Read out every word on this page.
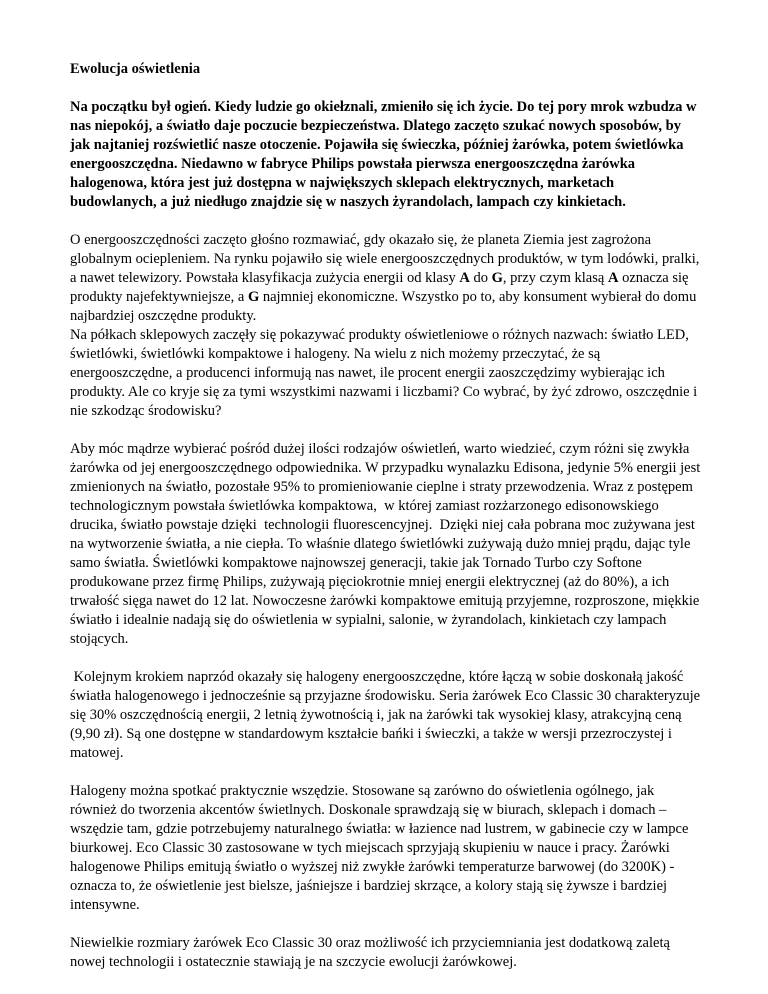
Ewolucja oświetlenia

Na początku był ogień. Kiedy ludzie go okiełznali, zmieniło się ich życie. Do tej pory mrok wzbudza w nas niepokój, a światło daje poczucie bezpieczeństwa. Dlatego zaczęto szukać nowych sposobów, by jak najtaniej rozświetlić nasze otoczenie. Pojawiła się świeczka, później żarówka, potem świetlówka energooszczędna. Niedawno w fabryce Philips powstała pierwsza energooszczędna żarówka halogenowa, która jest już dostępna w największych sklepach elektrycznych, marketach budowlanych, a już niedługo znajdzie się w naszych żyrandolach, lampach czy kinkietach.

O energooszczędności zaczęto głośno rozmawiać, gdy okazało się, że planeta Ziemia jest zagrożona globalnym ociepleniem. Na rynku pojawiło się wiele energooszczędnych produktów, w tym lodówki, pralki, a nawet telewizory. Powstała klasyfikacja zużycia energii od klasy A do G, przy czym klasą A oznacza się produkty najefektywniejsze, a G najmniej ekonomiczne. Wszystko po to, aby konsument wybierał do domu najbardziej oszczędne produkty.
Na półkach sklepowych zaczęły się pokazywać produkty oświetleniowe o różnych nazwach: światło LED, świetlówki, świetlówki kompaktowe i halogeny. Na wielu z nich możemy przeczytać, że są energooszczędne, a producenci informują nas nawet, ile procent energii zaoszczędzimy wybierając ich produkty. Ale co kryje się za tymi wszystkimi nazwami i liczbami? Co wybrać, by żyć zdrowo, oszczędnie i nie szkodząc środowisku?

Aby móc mądrze wybierać pośród dużej ilości rodzajów oświetleń, warto wiedzieć, czym różni się zwykła żarówka od jej energooszczędnego odpowiednika. W przypadku wynalazku Edisona, jedynie 5% energii jest zmienionych na światło, pozostałe 95% to promieniowanie cieplne i straty przewodzenia. Wraz z postępem technologicznym powstała świetlówka kompaktowa,  w której zamiast rozżarzonego edisonowskiego drucika, światło powstaje dzięki  technologii fluorescencyjnej.  Dzięki niej cała pobrana moc zużywana jest na wytworzenie światła, a nie ciepła. To właśnie dlatego świetlówki zużywają dużo mniej prądu, dając tyle samo światła. Świetlówki kompaktowe najnowszej generacji, takie jak Tornado Turbo czy Softone produkowane przez firmę Philips, zużywają pięciokrotnie mniej energii elektrycznej (aż do 80%), a ich trwałość sięga nawet do 12 lat. Nowoczesne żarówki kompaktowe emitują przyjemne, rozproszone, miękkie światło i idealnie nadają się do oświetlenia w sypialni, salonie, w żyrandolach, kinkietach czy lampach stojących.

Kolejnym krokiem naprzód okazały się halogeny energooszczędne, które łączą w sobie doskonałą jakość światła halogenowego i jednocześnie są przyjazne środowisku. Seria żarówek Eco Classic 30 charakteryzuje się 30% oszczędnością energii, 2 letnią żywotnością i, jak na żarówki tak wysokiej klasy, atrakcyjną ceną (9,90 zł). Są one dostępne w standardowym kształcie bańki i świeczki, a także w wersji przezroczystej i matowej.

Halogeny można spotkać praktycznie wszędzie. Stosowane są zarówno do oświetlenia ogólnego, jak również do tworzenia akcentów świetlnych. Doskonale sprawdzają się w biurach, sklepach i domach – wszędzie tam, gdzie potrzebujemy naturalnego światła: w łazience nad lustrem, w gabinecie czy w lampce biurkowej. Eco Classic 30 zastosowane w tych miejscach sprzyjają skupieniu w nauce i pracy. Żarówki halogenowe Philips emitują światło o wyższej niż zwykłe żarówki temperaturze barwowej (do 3200K) - oznacza to, że oświetlenie jest bielsze, jaśniejsze i bardziej skrzące, a kolory stają się żywsze i bardziej intensywne.

Niewielkie rozmiary żarówek Eco Classic 30 oraz możliwość ich przyciemniania jest dodatkową zaletą nowej technologii i ostatecznie stawiają je na szczycie ewolucji żarówkowej.
